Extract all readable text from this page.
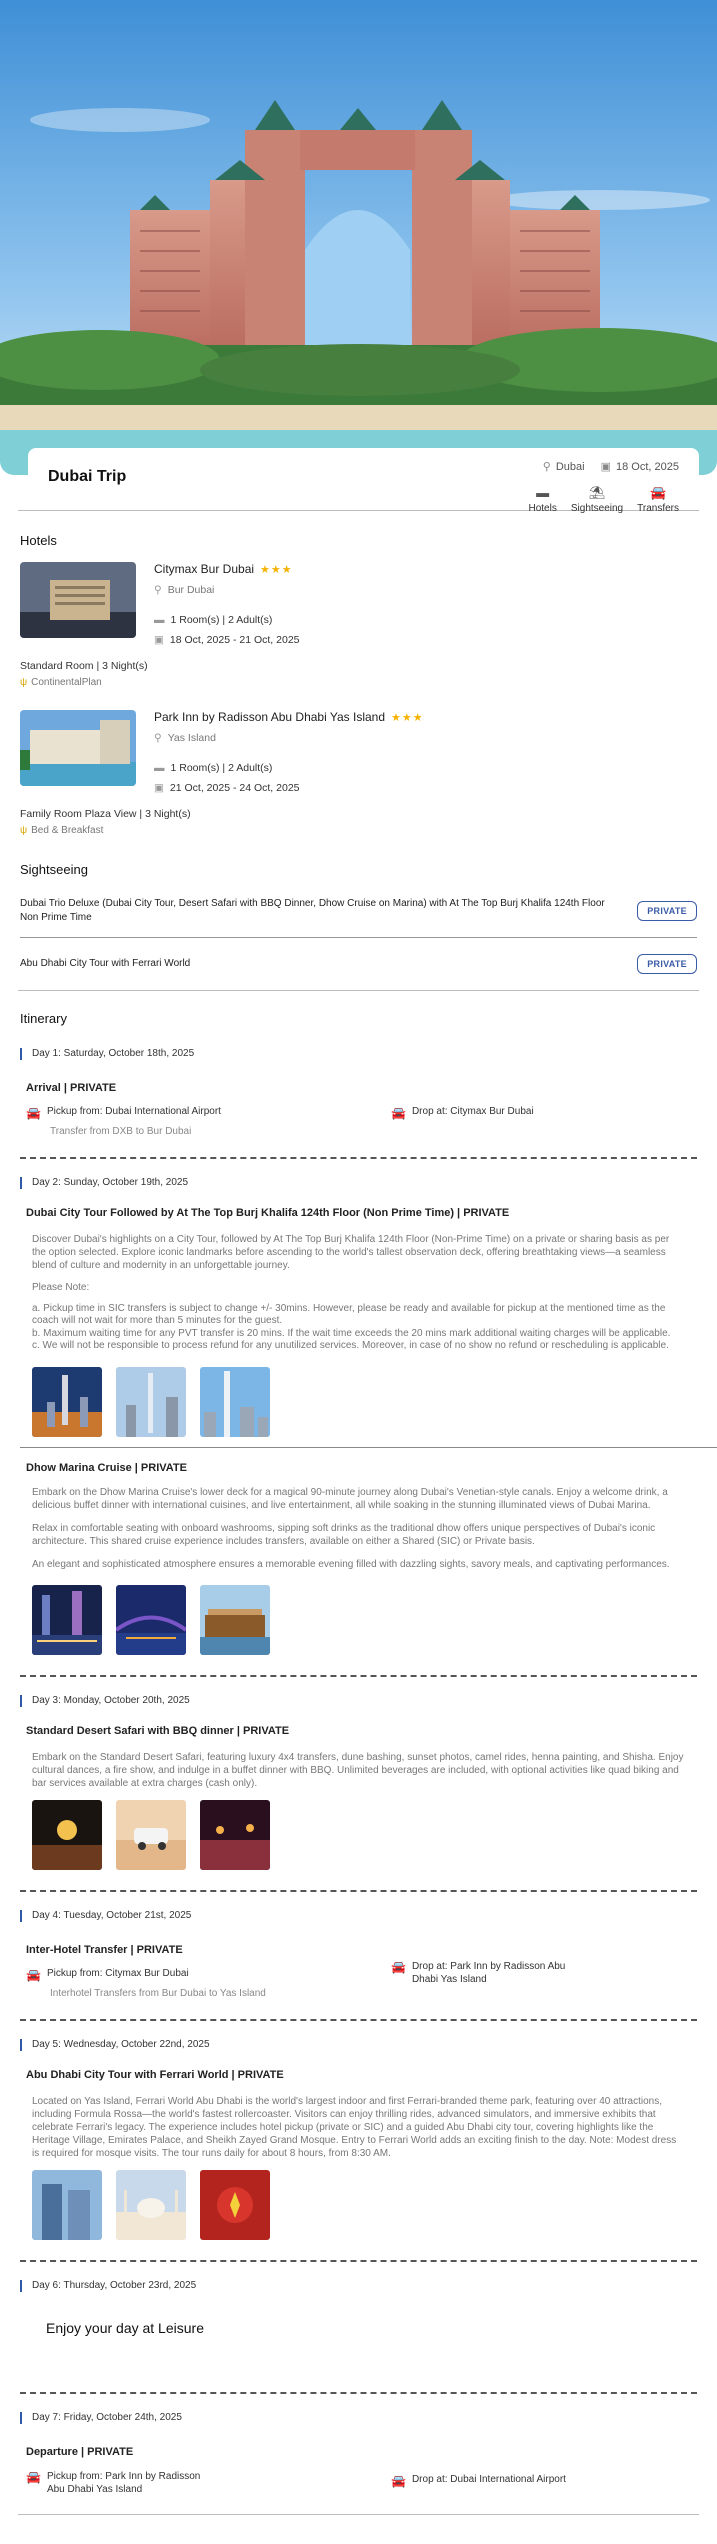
Dubai Trip
⚲ Dubai ▣ 18 Oct, 2025
▬
Hotels
⛱
Sightseeing
🚘
Transfers
Hotels
Citymax Bur Dubai ★★★
⚲ Bur Dubai
▬ 1 Room(s) | 2 Adult(s)
▣ 18 Oct, 2025 - 21 Oct, 2025
Standard Room | 3 Night(s)
ψ ContinentalPlan
Park Inn by Radisson Abu Dhabi Yas Island ★★★
⚲ Yas Island
▬ 1 Room(s) | 2 Adult(s)
▣ 21 Oct, 2025 - 24 Oct, 2025
Family Room Plaza View | 3 Night(s)
ψ Bed & Breakfast
Sightseeing
Dubai Trio Deluxe (Dubai City Tour, Desert Safari with BBQ Dinner, Dhow Cruise on Marina) with At The Top Burj Khalifa 124th Floor Non Prime Time
PRIVATE
Abu Dhabi City Tour with Ferrari World	PRIVATE
Itinerary
Day 1: Saturday, October 18th, 2025
Arrival | PRIVATE
🚘 Pickup from: Dubai International Airport	🚘 Drop at: Citymax Bur Dubai
Transfer from DXB to Bur Dubai
Day 2: Sunday, October 19th, 2025
Dubai City Tour Followed by At The Top Burj Khalifa 124th Floor (Non Prime Time) | PRIVATE
Discover Dubai's highlights on a City Tour, followed by At The Top Burj Khalifa 124th Floor (Non-Prime Time) on a private or sharing basis as per the option selected. Explore iconic landmarks before ascending to the world's tallest observation deck, offering breathtaking views—a seamless blend of culture and modernity in an unforgettable journey.
Please Note:
a. Pickup time in SIC transfers is subject to change +/- 30mins. However, please be ready and available for pickup at the mentioned time as the coach will not wait for more than 5 minutes for the guest.
b. Maximum waiting time for any PVT transfer is 20 mins. If the wait time exceeds the 20 mins mark additional waiting charges will be applicable.
c. We will not be responsible to process refund for any unutilized services. Moreover, in case of no show no refund or rescheduling is applicable.
Dhow Marina Cruise | PRIVATE
Embark on the Dhow Marina Cruise's lower deck for a magical 90-minute journey along Dubai's Venetian-style canals. Enjoy a welcome drink, a delicious buffet dinner with international cuisines, and live entertainment, all while soaking in the stunning illuminated views of Dubai Marina.
Relax in comfortable seating with onboard washrooms, sipping soft drinks as the traditional dhow offers unique perspectives of Dubai's iconic architecture. This shared cruise experience includes transfers, available on either a Shared (SIC) or Private basis.
An elegant and sophisticated atmosphere ensures a memorable evening filled with dazzling sights, savory meals, and captivating performances.
Day 3: Monday, October 20th, 2025
Standard Desert Safari with BBQ dinner | PRIVATE
Embark on the Standard Desert Safari, featuring luxury 4x4 transfers, dune bashing, sunset photos, camel rides, henna painting, and Shisha. Enjoy cultural dances, a fire show, and indulge in a buffet dinner with BBQ. Unlimited beverages are included, with optional activities like quad biking and bar services available at extra charges (cash only).
Day 4: Tuesday, October 21st, 2025
Inter-Hotel Transfer | PRIVATE
🚘 Pickup from: Citymax Bur Dubai	🚘 Drop at: Park Inn by Radisson Abu Dhabi Yas Island
Interhotel Transfers from Bur Dubai to Yas Island
Day 5: Wednesday, October 22nd, 2025
Abu Dhabi City Tour with Ferrari World | PRIVATE
Located on Yas Island, Ferrari World Abu Dhabi is the world's largest indoor and first Ferrari-branded theme park, featuring over 40 attractions, including Formula Rossa—the world's fastest rollercoaster. Visitors can enjoy thrilling rides, advanced simulators, and immersive exhibits that celebrate Ferrari's legacy. The experience includes hotel pickup (private or SIC) and a guided Abu Dhabi city tour, covering highlights like the Heritage Village, Emirates Palace, and Sheikh Zayed Grand Mosque. Entry to Ferrari World adds an exciting finish to the day. Note: Modest dress is required for mosque visits. The tour runs daily for about 8 hours, from 8:30 AM.
Day 6: Thursday, October 23rd, 2025
Enjoy your day at Leisure
Day 7: Friday, October 24th, 2025
Departure | PRIVATE
🚘 Pickup from: Park Inn by Radisson Abu Dhabi Yas Island
🚘 Drop at: Dubai International Airport
